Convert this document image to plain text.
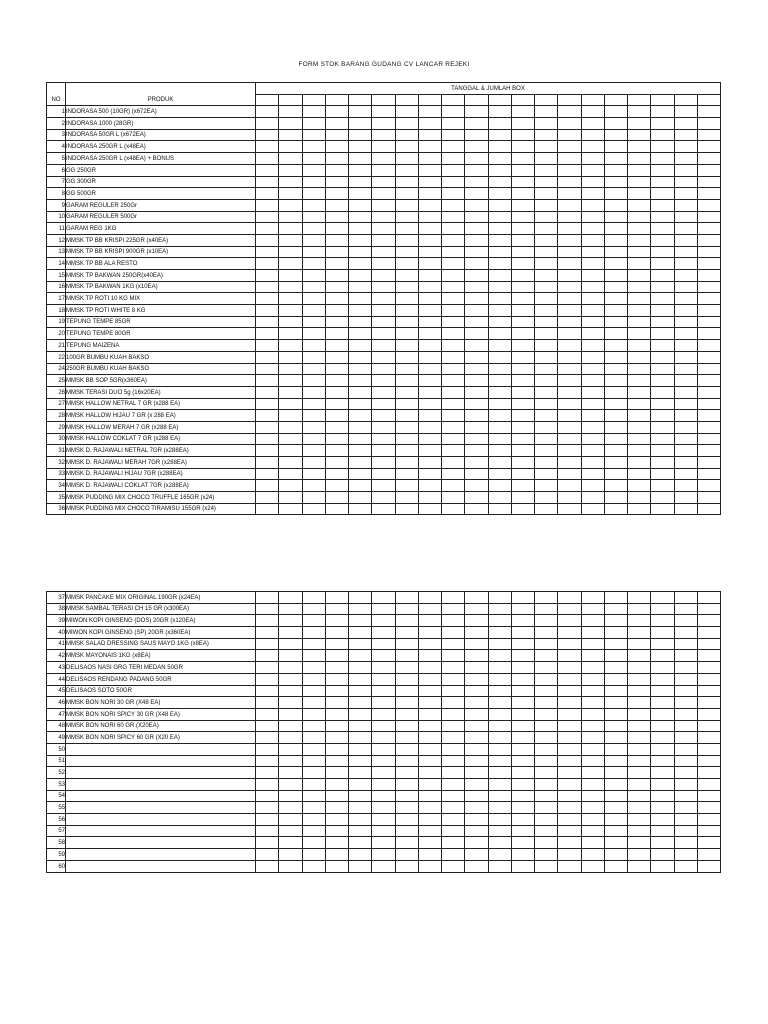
FORM STOK BARANG GUDANG CV LANCAR REJEKI
NO	PRODUK	TANGGAL & JUMLAH BOX																			

1	INDORASA 500 (10GR) (x672EA)																				
2	INDORASA 1000 (28GR)																				
3	INDORASA 50GR L (x672EA)																				
4	INDORASA 250GR L (x48EA)																				
5	INDORASA 250GR L (x48EA) + BONUS																				
6	GG 250GR																				
7	GG 300GR																				
8	GG 500GR																				
9	GARAM REGULER 250Gr																				
10	GARAM REGULER 500Gr																				
11	GARAM REG 1KG																				
12	MMSK TP BB KRISPI 225GR (x40EA)																				
13	MMSK TP BB KRISPI 900GR (x10EA)																				
14	MMSK TP BB ALA RESTO																				
15	MMSK TP BAKWAN 250GR(x40EA)																				
16	MMSK TP BAKWAN 1KG (x10EA)																				
17	MMSK TP ROTI 10 KG MIX																				
18	MMSK TP ROTI WHITE 8 KG																				
19	TEPUNG TEMPE 85GR																				
20	TEPUNG TEMPE 80GR																				
21	TEPUNG MAIZENA																				
22	100GR BUMBU KUAH BAKSO																				
24	250GR BUMBU KUAH BAKSO																				
25	MMSK BB SOP 5GR(x360EA)																				
26	MMSK TERASI DUO 5g (16x20EA)																				
27	MMSK HALLOW NETRAL 7 GR (x288 EA)																				
28	MMSK HALLOW HIJAU 7 GR (x 288 EA)																				
29	MMSK HALLOW MERAH 7 GR (x288 EA)																				
30	MMSK HALLOW COKLAT 7 GR (x288 EA)																				
31	MMSK D. RAJAWALI NETRAL 7GR (x288EA)																				
32	MMSK D. RAJAWALI MERAH 7GR (x288EA)																				
33	MMSK D. RAJAWALI HIJAU 7GR (x288EA)																				
34	MMSK D. RAJAWALI COKLAT 7GR (x288EA)																				
35	MMSK PUDDING MIX CHOCO TRUFFLE 165GR (x24)																				
36	MMSK PUDDING MIX CHOCO TIRAMISU 155GR (x24)																				
37	MMSK PANCAKE MIX ORIGINAL 190GR (x24EA)																				
38	MMSK SAMBAL TERASI CH 15 GR (x300EA)																				
39	MIWON KOPI GINSENG (DOS) 20GR (x120EA)																				
40	MIWON KOPI GINSENG (SP) 20GR (x360EA)																				
41	MMSK SALAD DRESSING SAUS MAYO 1KG (x8EA)																				
42	MMSK MAYONAIS 1KG (x8EA)																				
43	DELISAOS NASI GRG TERI MEDAN 50GR																				
44	DELISAOS RENDANG PADANG 50GR																				
45	DELISAOS SOTO 50GR																				
46	MMSK BON NORI 30 GR (X48 EA)																				
47	MMSK BON NORI SPICY 30 GR (X48 EA)																				
48	MMSK BON NORI 60 GR (X20EA)																				
49	MMSK BON NORI SPICY 60 GR (X20 EA)																				
50																					
51																					
52																					
53																					
54																					
55																					
56																					
57																					
58																					
59																					
60																					
